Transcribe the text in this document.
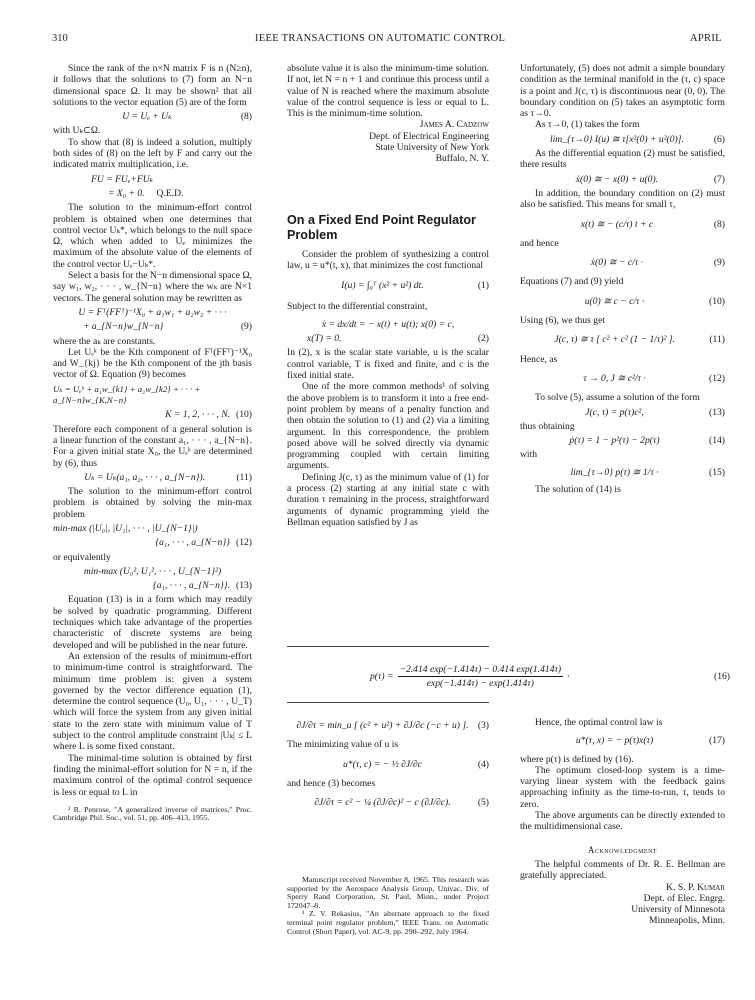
310	IEEE TRANSACTIONS ON AUTOMATIC CONTROL	APRIL

Since the rank of the n×N matrix F is n (N≥n), it follows that the solutions to (7) form an N−n dimensional space Ω. It may be shown² that all solutions to the vector equation (5) are of the form

U = Uₑ + Uₖ	(8)

with Uₖ⊂Ω.

To show that (8) is indeed a solution, multiply both sides of (8) on the left by F and carry out the indicated matrix multiplication, i.e.

FU = FUₑ+FUₖ
= X₀ + 0. Q.E.D.

The solution to the minimum-effort control problem is obtained when one determines that control vector Uₖ*, which belongs to the null space Ω, which when added to Uₑ minimizes the maximum of the absolute value of the elements of the control vector Uₑ−Uₖ*.

Select a basis for the N−n dimensional space Ω, say w₁, w₂, · · · , w_{N−n} where the wₖ are N×1 vectors. The general solution may be rewritten as

U = Fᵀ(FFᵀ)⁻¹X₀ + a₁w₁ + a₂w₂ + · · ·
+ a_{N−n}w_{N−n}	(9)

where the aₖ are constants.

Let Uₑᵏ be the Kth component of Fᵀ(FFᵀ)⁻¹X₀ and W_{kj} be the Kth component of the jth basis vector of Ω. Equation (9) becomes

Uₖ = Uₑᵏ + a₁w_{k1} + a₂w_{k2} + · · · + a_{N−n}w_{K,N−n}
K = 1, 2, · · · , N. (10)

Therefore each component of a general solution is a linear function of the constant a₁, · · · , a_{N−n}. For a given initial state X₀, the Uₑᵏ are determined by (6), thus

Uₖ = Uₖ(a₁, a₂, · · · , a_{N−n}).	(11)

The solution to the minimum-effort control problem is obtained by solving the min-max problem

min-max (|U₀|, |U₁|, · · · , |U_{N−1}|)
{a₁, · · · , a_{N−n}} (12)

or equivalently

min-max (U₀², U₁², · · · , U_{N−1}²)
{a₁, · · · , a_{N−n}}. (13)

Equation (13) is in a form which may readily be solved by quadratic programming. Different techniques which take advantage of the properties characteristic of discrete systems are being developed and will be published in the near future.

An extension of the results of minimum-effort to minimum-time control is straightforward. The minimum time problem is: given a system governed by the vector difference equation (1), determine the control sequence (U₀, U₁, · · · , U_T) which will force the system from any given initial state to the zero state with minimum value of T subject to the control amplitude constraint |Uₖ| ≤ L where L is some fixed constant.

The minimal-time solution is obtained by first finding the minimal-effort solution for N = n, if the maximum control of the optimal control sequence is less or equal to L in

² R. Penrose, "A generalized inverse of matrices," Proc. Cambridge Phil. Soc., vol. 51, pp. 406–413, 1955.

absolute value it is also the minimum-time solution. If not, let N = n + 1 and continue this process until a value of N is reached where the maximum absolute value of the control sequence is less or equal to L. This is the minimum-time solution.

James A. Cadzow
Dept. of Electrical Engineering
State University of New York
Buffalo, N. Y.
On a Fixed End Point Regulator Problem

Consider the problem of synthesizing a control law, u = u*(t, x), that minimizes the cost functional

I(u) = ∫₀ᵀ (x² + u²) dt.	(1)

Subject to the differential constraint,

ẋ = dx/dt = − x(t) + u(t); x(0) = c,
x(T) = 0.	(2)

In (2), x is the scalar state variable, u is the scalar control variable, T is fixed and finite, and c is the fixed initial state.

One of the more common methods¹ of solving the above problem is to transform it into a free end-point problem by means of a penalty function and then obtain the solution to (1) and (2) via a limiting argument. In this correspondence, the problem posed above will be solved directly via dynamic programming coupled with certain limiting arguments.

Defining J(c, τ) as the minimum value of (1) for a process (2) starting at any initial state c with duration τ remaining in the process, straightforward arguments of dynamic programming yield the Bellman equation satisfied by J as

$p(\tau) = \frac{-2.414 \exp(-1.414\tau) - 0.414 \exp(1.414\tau)}{\exp(-1.414\tau) - \exp(1.414\tau)}$ ·	(16)
∂J/∂τ = min_u [ (c² + u²) + ∂J/∂c (−c + u) ]. (3)

The minimizing value of u is

u*(τ, c) = − ½ ∂J/∂c	(4)

and hence (3) becomes

∂J/∂τ = c² − ¼ (∂J/∂c)² − c (∂J/∂c).	(5)

Manuscript received November 8, 1965. This research was supported by the Aerospace Analysis Group, Univac, Div. of Sperry Rand Corporation, St. Paul, Minn., under Project 172047–8.

¹ Z. V. Rekasius, "An alternate approach to the fixed terminal point regulator problem," IEEE Trans. on Automatic Control (Short Paper), vol. AC-9, pp. 290–292, July 1964.

Unfortunately, (5) does not admit a simple boundary condition as the terminal manifold in the (τ, c) space is a point and J(c, τ) is discontinuous near (0, 0). The boundary condition on (5) takes an asymptotic form as τ→0.

As τ→0, (1) takes the form

lim_{τ→0} I(u) ≅ τ[x²(0) + u²(0)].	(6)

As the differential equation (2) must be satisfied, there results

ẋ(0) ≅ − x(0) + u(0).	(7)

In addition, the boundary condition on (2) must also be satisfied. This means for small τ,

x(t) ≅ − (c/τ) t + c	(8)

and hence

ẋ(0) ≅ − c/τ ·	(9)

Equations (7) and (9) yield

u(0) ≅ c − c/τ ·	(10)

Using (6), we thus get

J(c, τ) ≅ τ [ c² + c² (1 − 1/τ)² ].	(11)

Hence, as

τ → 0, J ≅ c²/τ ·	(12)

To solve (5), assume a solution of the form

J(c, τ) = p(τ)c²,	(13)

thus obtaining

ṗ(τ) = 1 − p²(τ) − 2p(τ)	(14)

with

lim_{τ→0} p(τ) ≅ 1/τ ·	(15)

The solution of (14) is

Hence, the optimal control law is

u*(τ, x) = − p(τ)x(τ)	(17)

where p(τ) is defined by (16).

The optimum closed-loop system is a time-varying linear system with the feedback gains approaching infinity as the time-to-run, τ, tends to zero.

The above arguments can be directly extended to the multidimensional case.

Acknowledgment

The helpful comments of Dr. R. E. Bellman are gratefully appreciated.

K. S. P. Kumar
Dept. of Elec. Engrg.
University of Minnesota
Minneapolis, Minn.
